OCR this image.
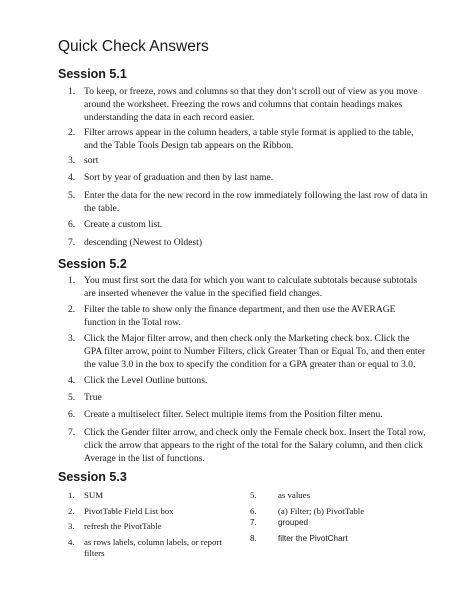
Quick Check Answers
Session 5.1
1. To keep, or freeze, rows and columns so that they don’t scroll out of view as you move around the worksheet. Freezing the rows and columns that contain headings makes understanding the data in each record easier.
2. Filter arrows appear in the column headers, a table style format is applied to the table, and the Table Tools Design tab appears on the Ribbon.
3. sort
4. Sort by year of graduation and then by last name.
5. Enter the data for the new record in the row immediately following the last row of data in the table.
6. Create a custom list.
7. descending (Newest to Oldest)
Session 5.2
1. You must first sort the data for which you want to calculate subtotals because subtotals are inserted whenever the value in the specified field changes.
2. Filter the table to show only the finance department, and then use the AVERAGE function in the Total row.
3. Click the Major filter arrow, and then check only the Marketing check box. Click the GPA filter arrow, point to Number Filters, click Greater Than or Equal To, and then enter the value 3.0 in the box to specify the condition for a GPA greater than or equal to 3.0.
4. Click the Level Outline buttons.
5. True
6. Create a multiselect filter. Select multiple items from the Position filter menu.
7. Click the Gender filter arrow, and check only the Female check box. Insert the Total row, click the arrow that appears to the right of the total for the Salary column, and then click Average in the list of functions.
Session 5.3
1. SUM
2. PivotTable Field List box
3. refresh the PivotTable
4. as rows labels, column labels, or report filters
5. as values
6. (a) Filter; (b) PivotTable
7.	grouped
8.	filter the PivotChart
